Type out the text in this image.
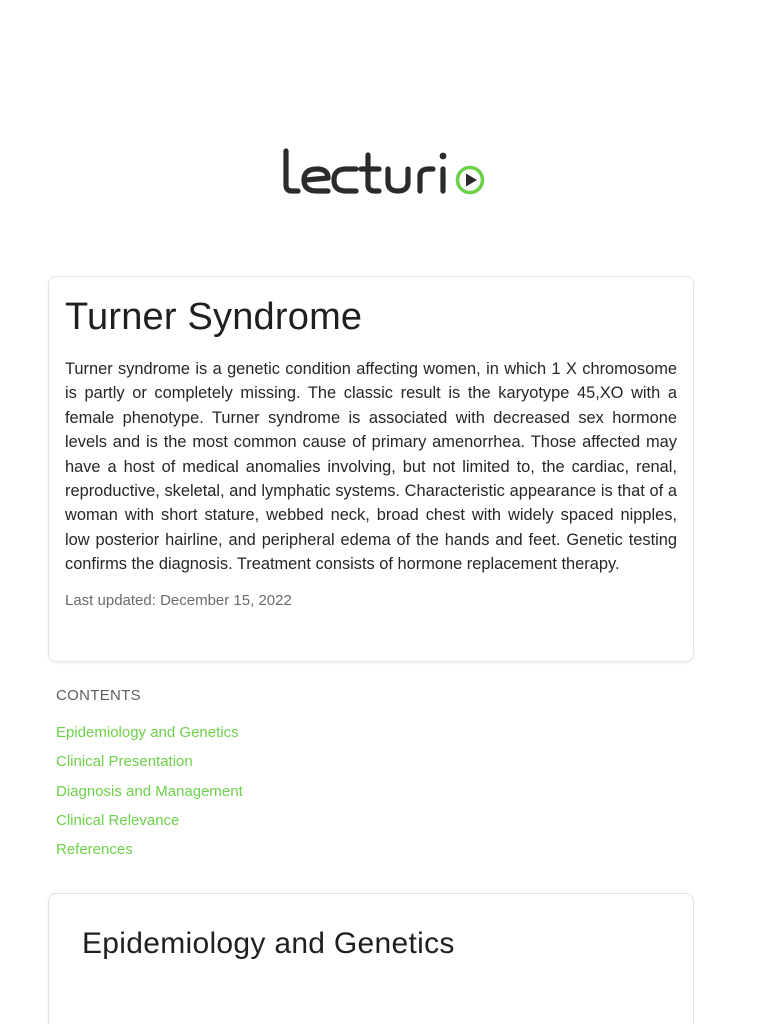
Turner Syndrome

Turner syndrome is a genetic condition affecting women, in which 1 X chromosome is partly or completely missing. The classic result is the karyotype 45,XO with a female phenotype. Turner syndrome is associated with decreased sex hormone levels and is the most common cause of primary amenorrhea. Those affected may have a host of medical anomalies involving, but not limited to, the cardiac, renal, reproductive, skeletal, and lymphatic systems. Characteristic appearance is that of a woman with short stature, webbed neck, broad chest with widely spaced nipples, low posterior hairline, and peripheral edema of the hands and feet. Genetic testing confirms the diagnosis. Treatment consists of hormone replacement therapy.

Last updated: December 15, 2022

CONTENTS

Epidemiology and Genetics
Clinical Presentation
Diagnosis and Management
Clinical Relevance
References
Epidemiology and Genetics
